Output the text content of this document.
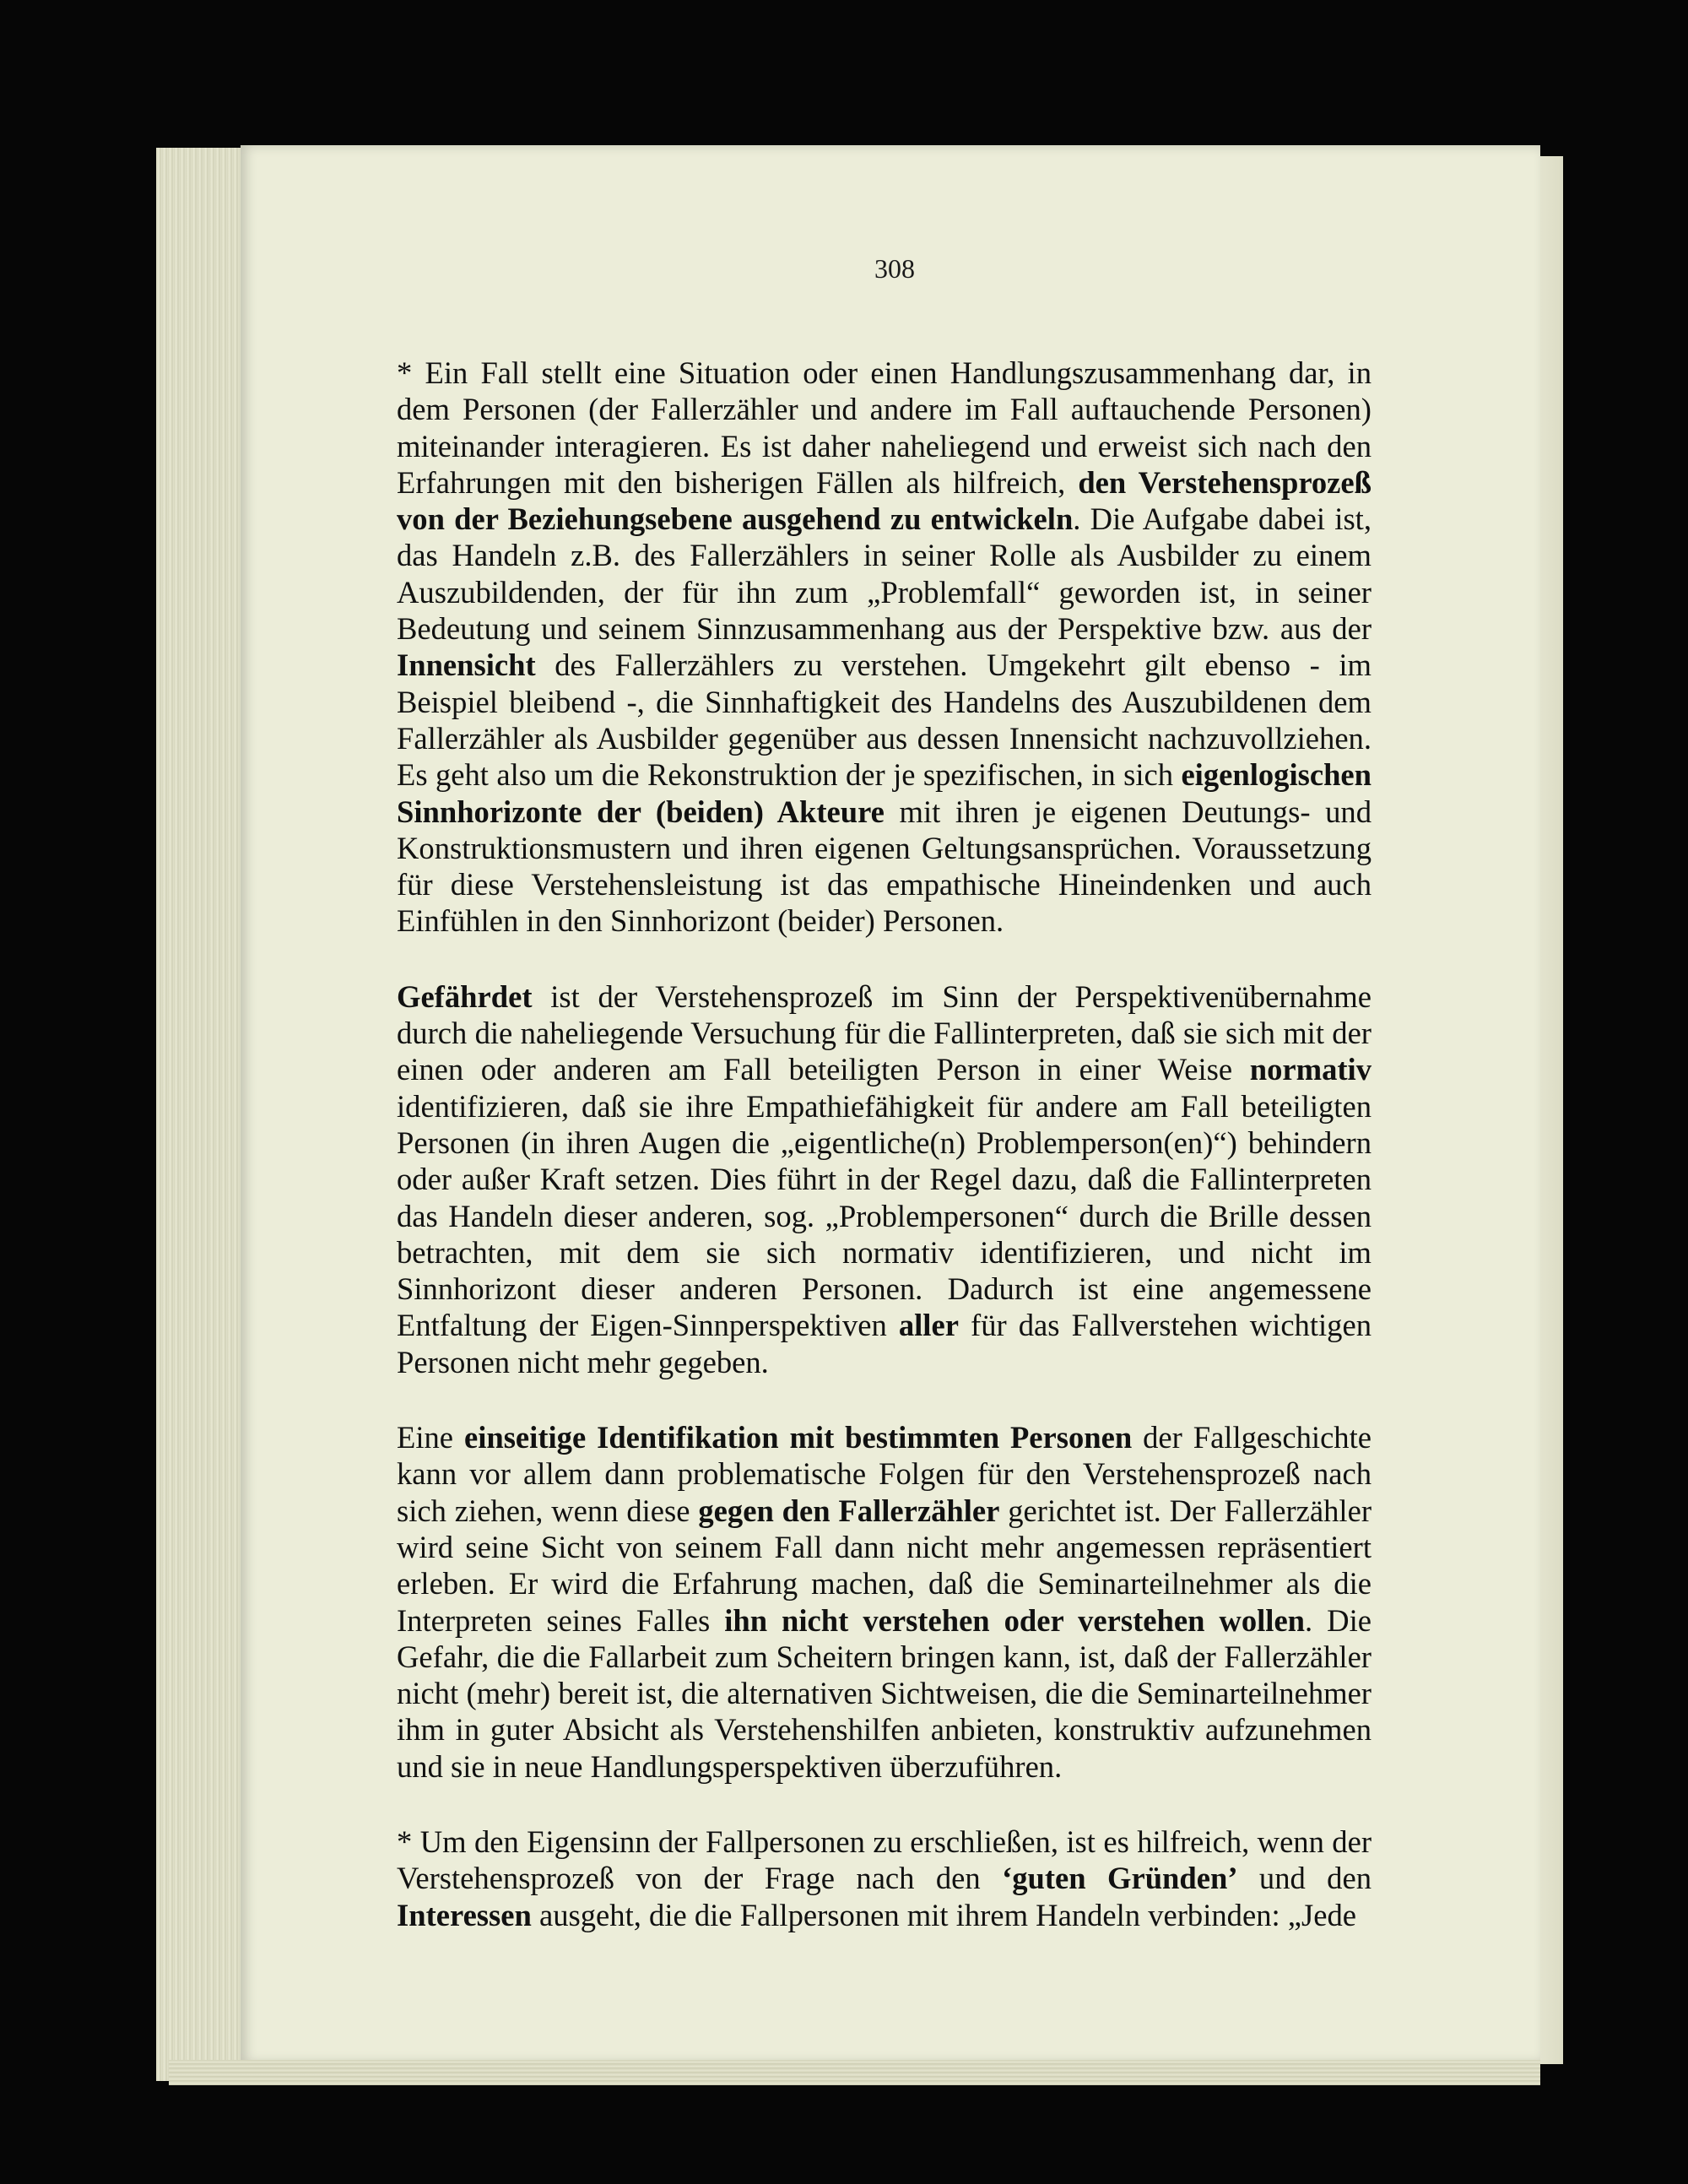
308

* Ein Fall stellt eine Situation oder einen Handlungszusammenhang dar, in dem Personen (der Fallerzähler und andere im Fall auftauchende Personen) miteinander interagieren. Es ist daher naheliegend und erweist sich nach den Erfahrungen mit den bisherigen Fällen als hilfreich, den Verstehensprozeß von der Beziehungsebene ausgehend zu entwickeln. Die Aufgabe dabei ist, das Handeln z.B. des Fallerzählers in seiner Rolle als Ausbilder zu einem Auszubildenden, der für ihn zum „Problemfall“ geworden ist, in seiner Bedeutung und seinem Sinnzusammenhang aus der Perspektive bzw. aus der Innensicht des Fallerzählers zu verstehen. Umgekehrt gilt ebenso - im Beispiel bleibend -, die Sinnhaftigkeit des Handelns des Auszubildenen dem Fallerzähler als Ausbilder gegenüber aus dessen Innensicht nachzuvollziehen. Es geht also um die Rekonstruktion der je spezifischen, in sich eigenlogischen Sinnhorizonte der (beiden) Akteure mit ihren je eigenen Deutungs- und Konstruktionsmustern und ihren eigenen Geltungsansprüchen. Voraussetzung für diese Verstehensleistung ist das empathische Hineindenken und auch Einfühlen in den Sinnhorizont (beider) Personen.

Gefährdet ist der Verstehensprozeß im Sinn der Perspektivenübernahme durch die naheliegende Versuchung für die Fallinterpreten, daß sie sich mit der einen oder anderen am Fall beteiligten Person in einer Weise normativ identifizieren, daß sie ihre Empathiefähigkeit für andere am Fall beteiligten Personen (in ihren Augen die „eigentliche(n) Problemperson(en)“) behindern oder außer Kraft setzen. Dies führt in der Regel dazu, daß die Fallinterpreten das Handeln dieser anderen, sog. „Problempersonen“ durch die Brille dessen betrachten, mit dem sie sich normativ identifizieren, und nicht im Sinnhorizont dieser anderen Personen. Dadurch ist eine angemessene Entfaltung der Eigen-Sinnperspektiven aller für das Fallverstehen wichtigen Personen nicht mehr gegeben.

Eine einseitige Identifikation mit bestimmten Personen der Fallgeschichte kann vor allem dann problematische Folgen für den Verstehensprozeß nach sich ziehen, wenn diese gegen den Fallerzähler gerichtet ist. Der Fallerzähler wird seine Sicht von seinem Fall dann nicht mehr angemessen repräsentiert erleben. Er wird die Erfahrung machen, daß die Seminarteilnehmer als die Interpreten seines Falles ihn nicht verstehen oder verstehen wollen. Die Gefahr, die die Fallarbeit zum Scheitern bringen kann, ist, daß der Fallerzähler nicht (mehr) bereit ist, die alternativen Sichtweisen, die die Seminarteilnehmer ihm in guter Absicht als Verstehenshilfen anbieten, konstruktiv aufzunehmen und sie in neue Handlungsperspektiven überzuführen.

* Um den Eigensinn der Fallpersonen zu erschließen, ist es hilfreich, wenn der Verstehensprozeß von der Frage nach den ‘guten Gründen’ und den Interessen ausgeht, die die Fallpersonen mit ihrem Handeln verbinden: „Jede
